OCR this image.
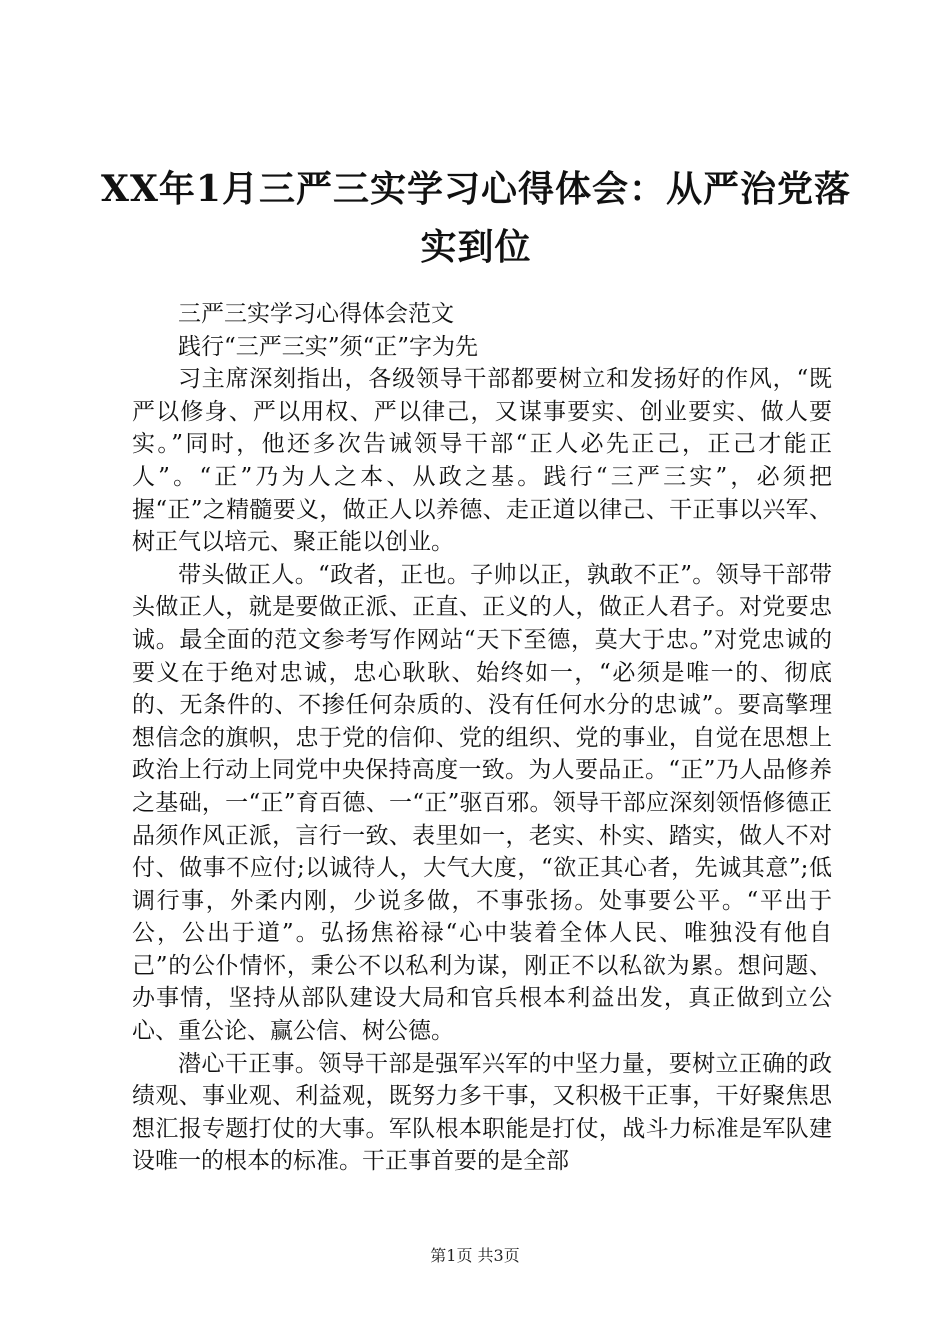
XX年1月三严三实学习心得体会：从严治党落实到位

三严三实学习心得体会范文

践行“三严三实”须“正”字为先

习主席深刻指出，各级领导干部都要树立和发扬好的作风，“既严以修身、严以用权、严以律己，又谋事要实、创业要实、做人要实。”同时，他还多次告诫领导干部“正人必先正己，正己才能正人”。“正”乃为人之本、从政之基。践行“三严三实”，必须把握“正”之精髓要义，做正人以养德、走正道以律己、干正事以兴军、树正气以培元、聚正能以创业。

带头做正人。“政者，正也。子帅以正，孰敢不正”。领导干部带头做正人，就是要做正派、正直、正义的人，做正人君子。对党要忠诚。最全面的范文参考写作网站“天下至德，莫大于忠。”对党忠诚的要义在于绝对忠诚，忠心耿耿、始终如一，“必须是唯一的、彻底的、无条件的、不掺任何杂质的、没有任何水分的忠诚”。要高擎理想信念的旗帜，忠于党的信仰、党的组织、党的事业，自觉在思想上政治上行动上同党中央保持高度一致。为人要品正。“正”乃人品修养之基础，一“正”育百德、一“正”驱百邪。领导干部应深刻领悟修德正品须作风正派，言行一致、表里如一，老实、朴实、踏实，做人不对付、做事不应付;以诚待人，大气大度，“欲正其心者，先诚其意”;低调行事，外柔内刚，少说多做，不事张扬。处事要公平。“平出于公，公出于道”。弘扬焦裕禄“心中装着全体人民、唯独没有他自己”的公仆情怀，秉公不以私利为谋，刚正不以私欲为累。想问题、办事情，坚持从部队建设大局和官兵根本利益出发，真正做到立公心、重公论、赢公信、树公德。

潜心干正事。领导干部是强军兴军的中坚力量，要树立正确的政绩观、事业观、利益观，既努力多干事，又积极干正事，干好聚焦思想汇报专题打仗的大事。军队根本职能是打仗，战斗力标准是军队建设唯一的根本的标准。干正事首要的是全部

第1页 共3页
